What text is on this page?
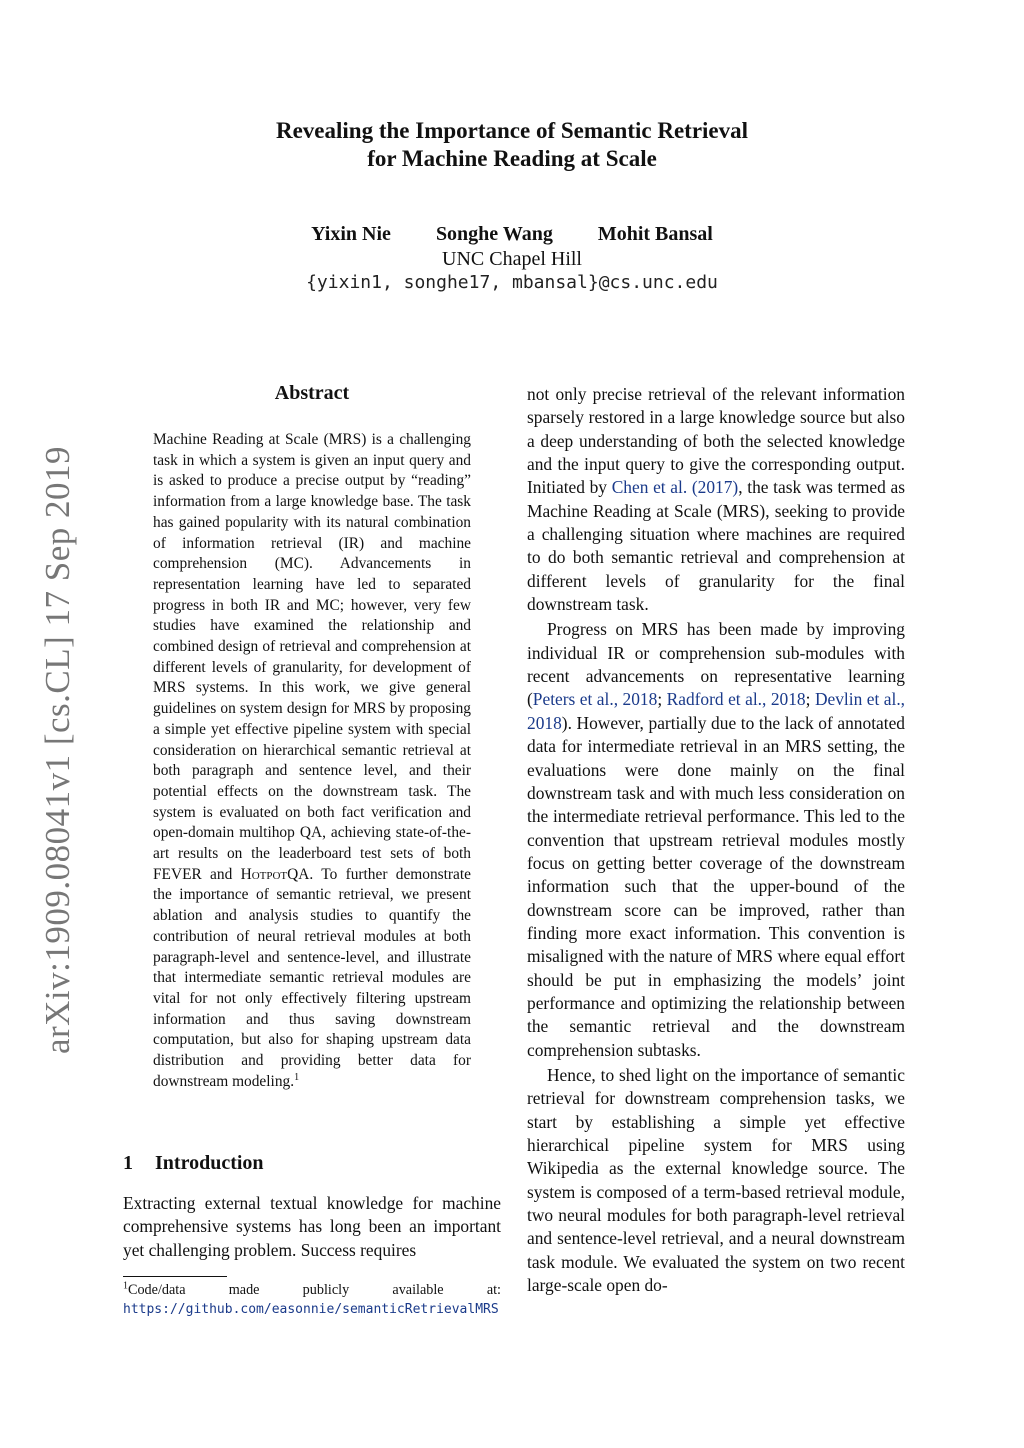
Revealing the Importance of Semantic Retrieval
for Machine Reading at Scale
Yixin Nie Songhe Wang Mohit Bansal
UNC Chapel Hill
{yixin1, songhe17, mbansal}@cs.unc.edu
arXiv:1909.08041v1 [cs.CL] 17 Sep 2019
Abstract
Machine Reading at Scale (MRS) is a challenging task in which a system is given an input query and is asked to produce a precise output by “reading” information from a large knowledge base. The task has gained popularity with its natural combination of information retrieval (IR) and machine comprehension (MC). Advancements in representation learning have led to separated progress in both IR and MC; however, very few studies have examined the relationship and combined design of retrieval and comprehension at different levels of granularity, for development of MRS systems. In this work, we give general guidelines on system design for MRS by proposing a simple yet effective pipeline system with special consideration on hierarchical semantic retrieval at both paragraph and sentence level, and their potential effects on the downstream task. The system is evaluated on both fact verification and open-domain multihop QA, achieving state-of-the-art results on the leaderboard test sets of both FEVER and HotpotQA. To further demonstrate the importance of semantic retrieval, we present ablation and analysis studies to quantify the contribution of neural retrieval modules at both paragraph-level and sentence-level, and illustrate that intermediate semantic retrieval modules are vital for not only effectively filtering upstream information and thus saving downstream computation, but also for shaping upstream data distribution and providing better data for downstream modeling.$^1$
1 Introduction
Extracting external textual knowledge for machine comprehensive systems has long been an important yet challenging problem. Success requires
$^1$Code/data made publicly available at: https://github.com/easonnie/semanticRetrievalMRS

not only precise retrieval of the relevant information sparsely restored in a large knowledge source but also a deep understanding of both the selected knowledge and the input query to give the corresponding output. Initiated by Chen et al. (2017), the task was termed as Machine Reading at Scale (MRS), seeking to provide a challenging situation where machines are required to do both semantic retrieval and comprehension at different levels of granularity for the final downstream task.

Progress on MRS has been made by improving individual IR or comprehension sub-modules with recent advancements on representative learning (Peters et al., 2018; Radford et al., 2018; Devlin et al., 2018). However, partially due to the lack of annotated data for intermediate retrieval in an MRS setting, the evaluations were done mainly on the final downstream task and with much less consideration on the intermediate retrieval performance. This led to the convention that upstream retrieval modules mostly focus on getting better coverage of the downstream information such that the upper-bound of the downstream score can be improved, rather than finding more exact information. This convention is misaligned with the nature of MRS where equal effort should be put in emphasizing the models’ joint performance and optimizing the relationship between the semantic retrieval and the downstream comprehension subtasks.

Hence, to shed light on the importance of semantic retrieval for downstream comprehension tasks, we start by establishing a simple yet effective hierarchical pipeline system for MRS using Wikipedia as the external knowledge source. The system is composed of a term-based retrieval module, two neural modules for both paragraph-level retrieval and sentence-level retrieval, and a neural downstream task module. We evaluated the system on two recent large-scale open do-
